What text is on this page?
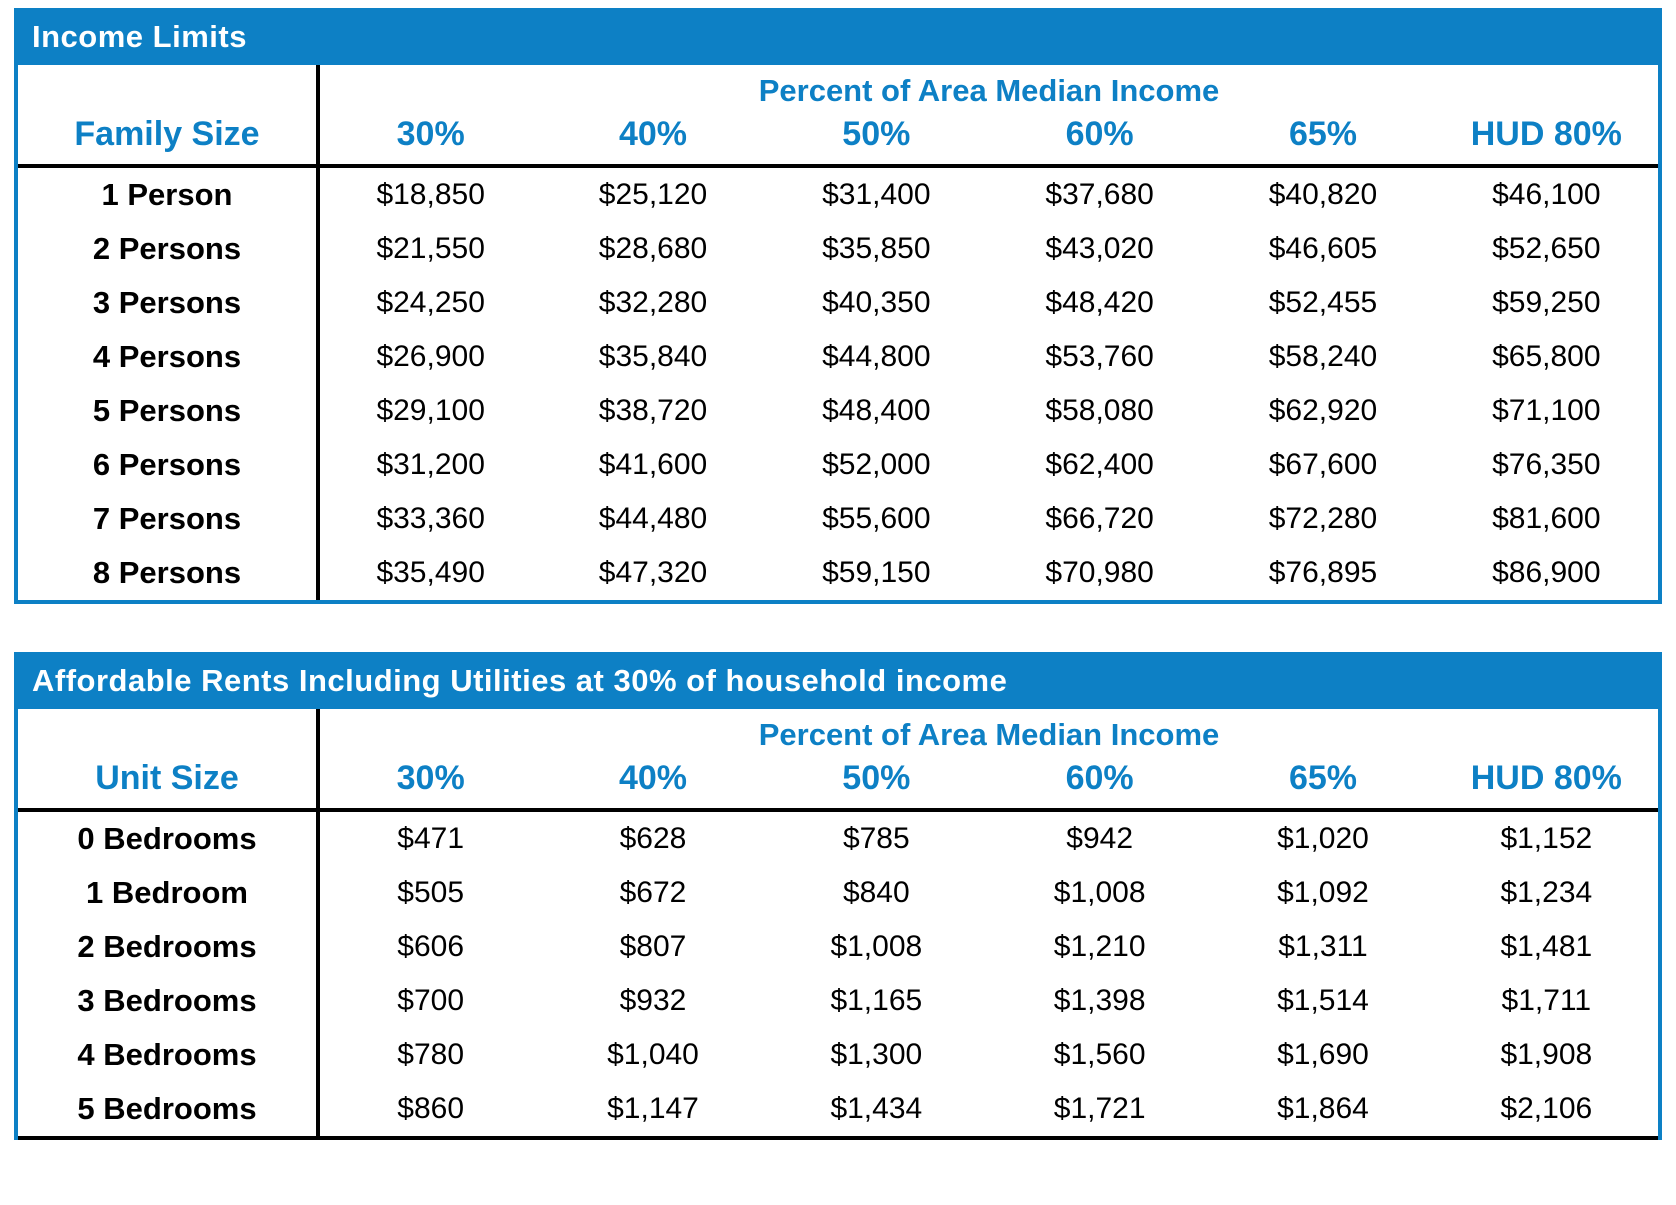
Income Limits
	Percent of Area Median Income					
Family Size	30%	40%	50%	60%	65%	HUD 80%
1 Person	$18,850	$25,120	$31,400	$37,680	$40,820	$46,100
2 Persons	$21,550	$28,680	$35,850	$43,020	$46,605	$52,650
3 Persons	$24,250	$32,280	$40,350	$48,420	$52,455	$59,250
4 Persons	$26,900	$35,840	$44,800	$53,760	$58,240	$65,800
5 Persons	$29,100	$38,720	$48,400	$58,080	$62,920	$71,100
6 Persons	$31,200	$41,600	$52,000	$62,400	$67,600	$76,350
7 Persons	$33,360	$44,480	$55,600	$66,720	$72,280	$81,600
8 Persons	$35,490	$47,320	$59,150	$70,980	$76,895	$86,900
Affordable Rents Including Utilities at 30% of household income
	Percent of Area Median Income					
Unit Size	30%	40%	50%	60%	65%	HUD 80%
0 Bedrooms	$471	$628	$785	$942	$1,020	$1,152
1 Bedroom	$505	$672	$840	$1,008	$1,092	$1,234
2 Bedrooms	$606	$807	$1,008	$1,210	$1,311	$1,481
3 Bedrooms	$700	$932	$1,165	$1,398	$1,514	$1,711
4 Bedrooms	$780	$1,040	$1,300	$1,560	$1,690	$1,908
5 Bedrooms	$860	$1,147	$1,434	$1,721	$1,864	$2,106
